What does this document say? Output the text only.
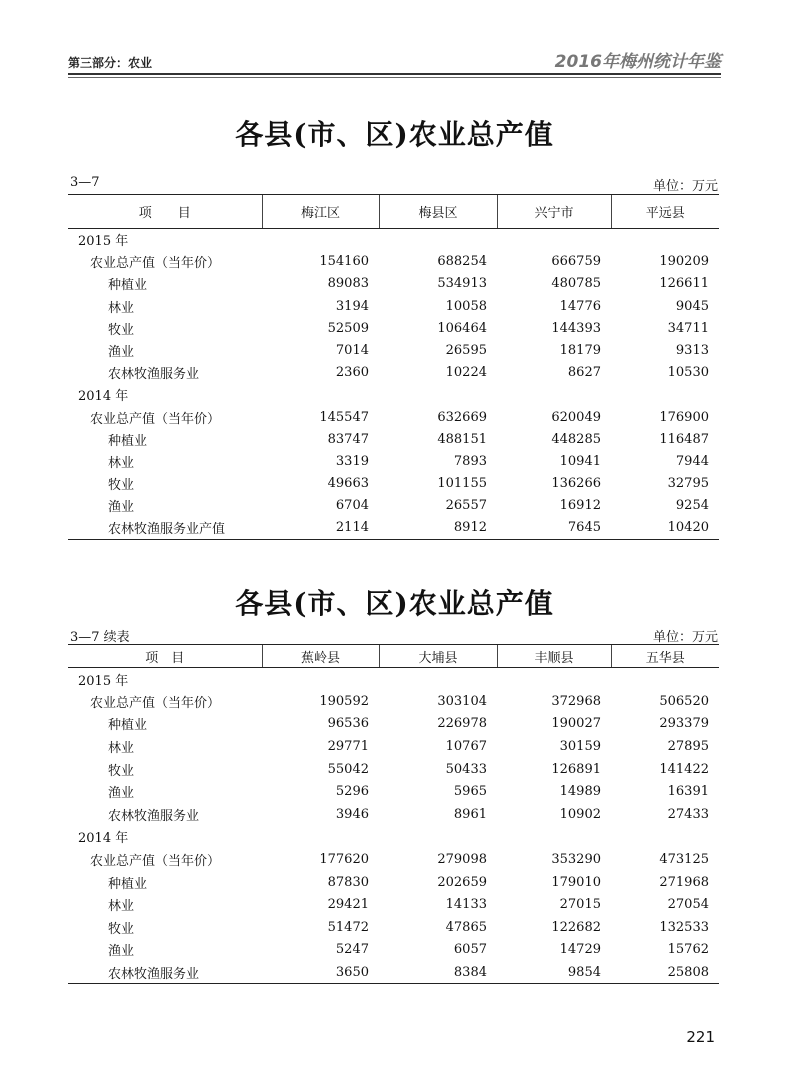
第三部分：农业	2016年梅州统计年鉴
各县(市、区)农业总产值
3—7	单位：万元
项　　目	梅江区	梅县区	兴宁市	平远县
2015 年				
农业总产值（当年价）	154160	688254	666759	190209
种植业	89083	534913	480785	126611
林业	3194	10058	14776	9045
牧业	52509	106464	144393	34711
渔业	7014	26595	18179	9313
农林牧渔服务业	2360	10224	8627	10530
2014 年				
农业总产值（当年价）	145547	632669	620049	176900
种植业	83747	488151	448285	116487
林业	3319	7893	10941	7944
牧业	49663	101155	136266	32795
渔业	6704	26557	16912	9254
农林牧渔服务业产值	2114	8912	7645	10420
各县(市、区)农业总产值
3—7 续表	单位：万元
项　目	蕉岭县	大埔县	丰顺县	五华县
2015 年				
农业总产值（当年价）	190592	303104	372968	506520
种植业	96536	226978	190027	293379
林业	29771	10767	30159	27895
牧业	55042	50433	126891	141422
渔业	5296	5965	14989	16391
农林牧渔服务业	3946	8961	10902	27433
2014 年				
农业总产值（当年价）	177620	279098	353290	473125
种植业	87830	202659	179010	271968
林业	29421	14133	27015	27054
牧业	51472	47865	122682	132533
渔业	5247	6057	14729	15762
农林牧渔服务业	3650	8384	9854	25808
221
